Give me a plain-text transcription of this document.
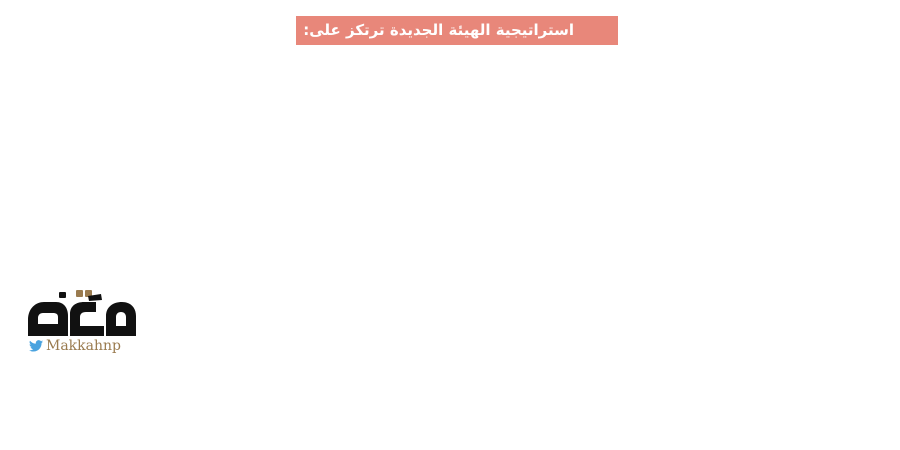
استراتيجية الهيئة الجديدة ترتكز على:
Makkahnp
